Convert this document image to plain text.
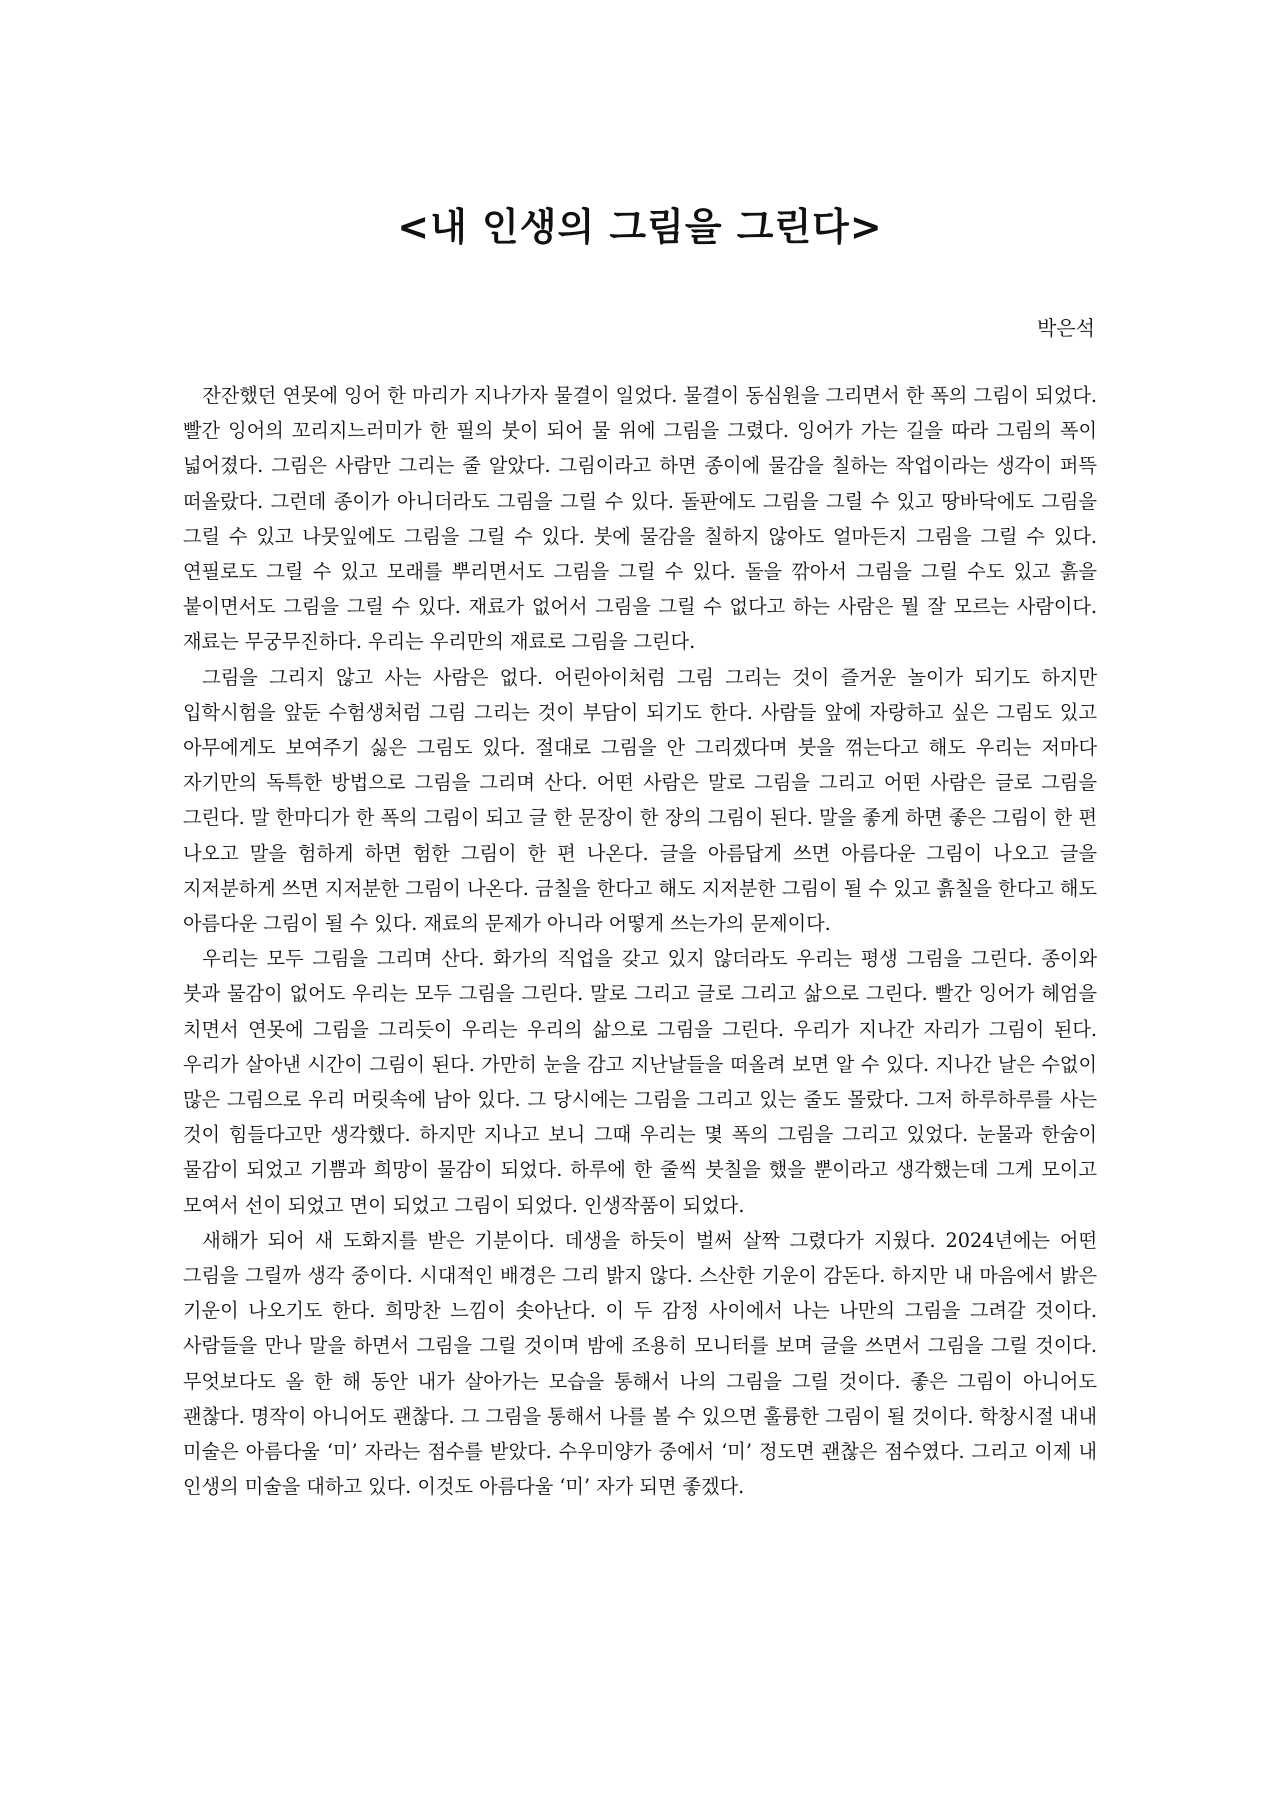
<내 인생의 그림을 그린다>

박은석

잔잔했던 연못에 잉어 한 마리가 지나가자 물결이 일었다. 물결이 동심원을 그리면서 한 폭의 그림이 되었다. 빨간 잉어의 꼬리지느러미가 한 필의 붓이 되어 물 위에 그림을 그렸다. 잉어가 가는 길을 따라 그림의 폭이 넓어졌다. 그림은 사람만 그리는 줄 알았다. 그림이라고 하면 종이에 물감을 칠하는 작업이라는 생각이 퍼뜩 떠올랐다. 그런데 종이가 아니더라도 그림을 그릴 수 있다. 돌판에도 그림을 그릴 수 있고 땅바닥에도 그림을 그릴 수 있고 나뭇잎에도 그림을 그릴 수 있다. 붓에 물감을 칠하지 않아도 얼마든지 그림을 그릴 수 있다. 연필로도 그릴 수 있고 모래를 뿌리면서도 그림을 그릴 수 있다. 돌을 깎아서 그림을 그릴 수도 있고 흙을 붙이면서도 그림을 그릴 수 있다. 재료가 없어서 그림을 그릴 수 없다고 하는 사람은 뭘 잘 모르는 사람이다. 재료는 무궁무진하다. 우리는 우리만의 재료로 그림을 그린다.

그림을 그리지 않고 사는 사람은 없다. 어린아이처럼 그림 그리는 것이 즐거운 놀이가 되기도 하지만 입학시험을 앞둔 수험생처럼 그림 그리는 것이 부담이 되기도 한다. 사람들 앞에 자랑하고 싶은 그림도 있고 아무에게도 보여주기 싫은 그림도 있다. 절대로 그림을 안 그리겠다며 붓을 꺾는다고 해도 우리는 저마다 자기만의 독특한 방법으로 그림을 그리며 산다. 어떤 사람은 말로 그림을 그리고 어떤 사람은 글로 그림을 그린다. 말 한마디가 한 폭의 그림이 되고 글 한 문장이 한 장의 그림이 된다. 말을 좋게 하면 좋은 그림이 한 편 나오고 말을 험하게 하면 험한 그림이 한 편 나온다. 글을 아름답게 쓰면 아름다운 그림이 나오고 글을 지저분하게 쓰면 지저분한 그림이 나온다. 금칠을 한다고 해도 지저분한 그림이 될 수 있고 흙칠을 한다고 해도 아름다운 그림이 될 수 있다. 재료의 문제가 아니라 어떻게 쓰는가의 문제이다.

우리는 모두 그림을 그리며 산다. 화가의 직업을 갖고 있지 않더라도 우리는 평생 그림을 그린다. 종이와 붓과 물감이 없어도 우리는 모두 그림을 그린다. 말로 그리고 글로 그리고 삶으로 그린다. 빨간 잉어가 헤엄을 치면서 연못에 그림을 그리듯이 우리는 우리의 삶으로 그림을 그린다. 우리가 지나간 자리가 그림이 된다. 우리가 살아낸 시간이 그림이 된다. 가만히 눈을 감고 지난날들을 떠올려 보면 알 수 있다. 지나간 날은 수없이 많은 그림으로 우리 머릿속에 남아 있다. 그 당시에는 그림을 그리고 있는 줄도 몰랐다. 그저 하루하루를 사는 것이 힘들다고만 생각했다. 하지만 지나고 보니 그때 우리는 몇 폭의 그림을 그리고 있었다. 눈물과 한숨이 물감이 되었고 기쁨과 희망이 물감이 되었다. 하루에 한 줄씩 붓칠을 했을 뿐이라고 생각했는데 그게 모이고 모여서 선이 되었고 면이 되었고 그림이 되었다. 인생작품이 되었다.

새해가 되어 새 도화지를 받은 기분이다. 데생을 하듯이 벌써 살짝 그렸다가 지웠다. 2024년에는 어떤 그림을 그릴까 생각 중이다. 시대적인 배경은 그리 밝지 않다. 스산한 기운이 감돈다. 하지만 내 마음에서 밝은 기운이 나오기도 한다. 희망찬 느낌이 솟아난다. 이 두 감정 사이에서 나는 나만의 그림을 그려갈 것이다. 사람들을 만나 말을 하면서 그림을 그릴 것이며 밤에 조용히 모니터를 보며 글을 쓰면서 그림을 그릴 것이다. 무엇보다도 올 한 해 동안 내가 살아가는 모습을 통해서 나의 그림을 그릴 것이다. 좋은 그림이 아니어도 괜찮다. 명작이 아니어도 괜찮다. 그 그림을 통해서 나를 볼 수 있으면 훌륭한 그림이 될 것이다. 학창시절 내내 미술은 아름다울 ‘미’ 자라는 점수를 받았다. 수우미양가 중에서 ‘미’ 정도면 괜찮은 점수였다. 그리고 이제 내 인생의 미술을 대하고 있다. 이것도 아름다울 ‘미’ 자가 되면 좋겠다.
